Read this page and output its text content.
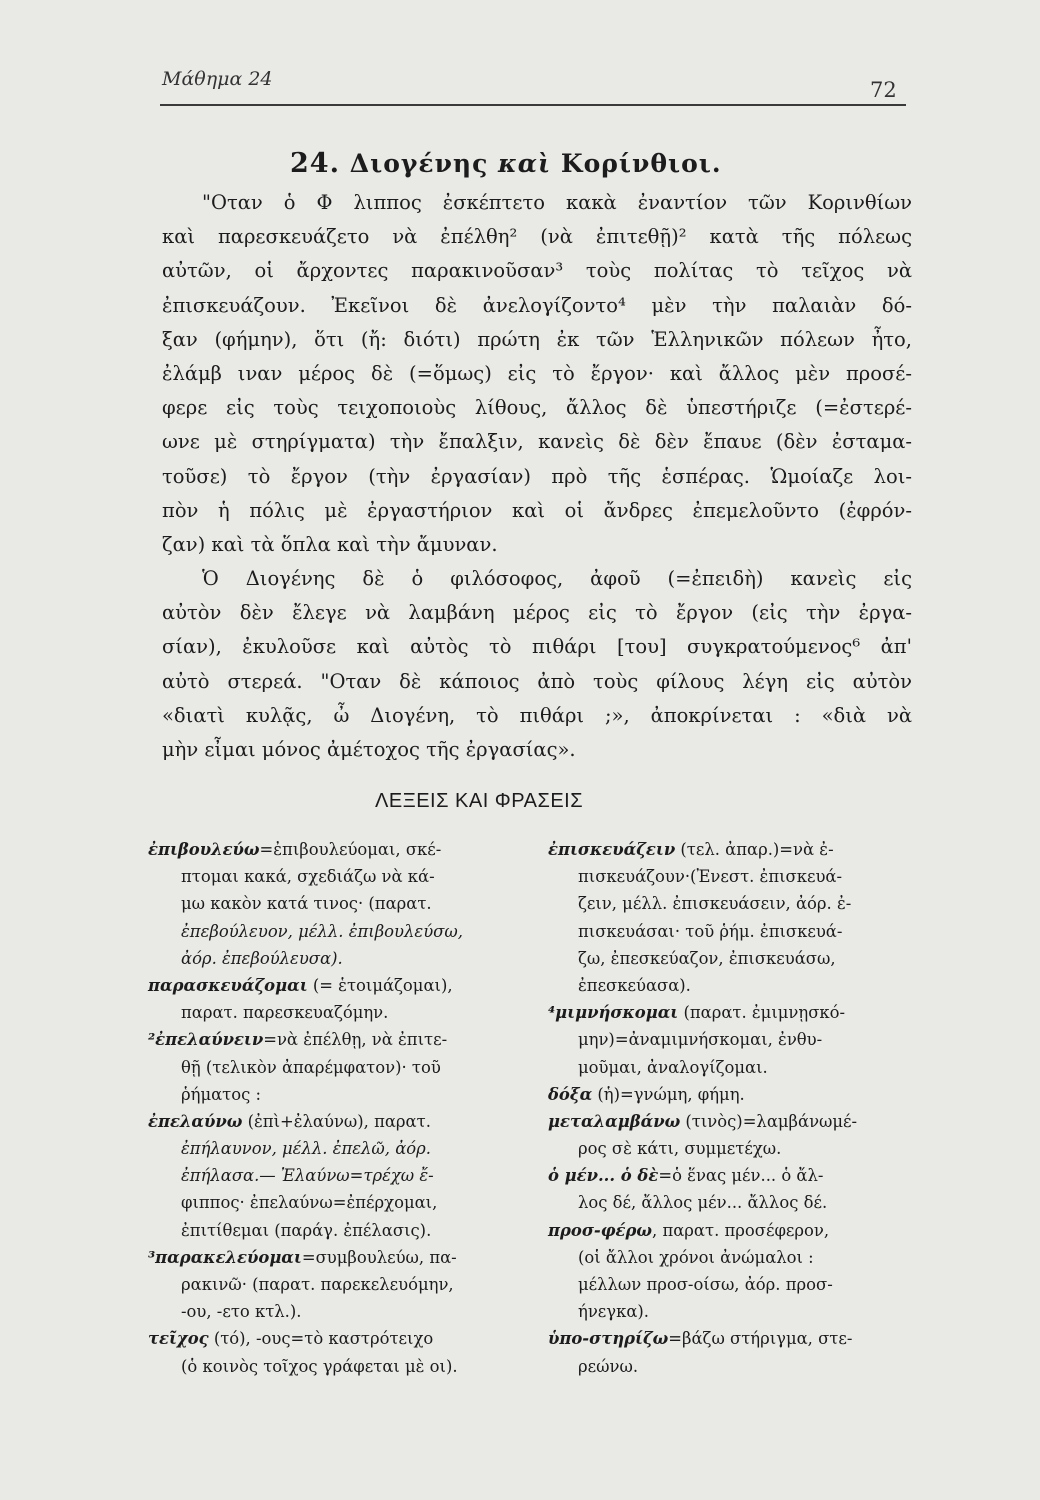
Μάθημα 24	72
24. Διογένης καὶ Κορίνθιοι.
"Οταν ὁ Φ λιππος ἐσκέπτετο κακὰ ἐναντίον τῶν Κορινθίων
καὶ παρεσκευάζετο νὰ ἐπέλθη² (νὰ ἐπιτεθῇ)² κατὰ τῆς πόλεως
αὐτῶν, οἱ ἄρχοντες παρακινοῦσαν³ τοὺς πολίτας τὸ τεῖχος νὰ
ἐπισκευάζουν. Ἐκεῖνοι δὲ ἀνελογίζοντο⁴ μὲν τὴν παλαιὰν δό-
ξαν (φήμην), ὅτι (ἤ: διότι) πρώτη ἐκ τῶν Ἑλληνικῶν πόλεων ἦτο,
ἐλάμβ ιναν μέρος δὲ (=ὅμως) εἰς τὸ ἔργον· καὶ ἄλλος μὲν προσέ-
φερε εἰς τοὺς τειχοποιοὺς λίθους, ἄλλος δὲ ὑπεστήριζε (=ἐστερέ-
ωνε μὲ στηρίγματα) τὴν ἔπαλξιν, κανεὶς δὲ δὲν ἔπαυε (δὲν ἐσταμα-
τοῦσε) τὸ ἔργον (τὴν ἐργασίαν) πρὸ τῆς ἑσπέρας. Ὡμοίαζε λοι-
πὸν ἡ πόλις μὲ ἐργαστήριον καὶ οἱ ἄνδρες ἐπεμελοῦντο (ἐφρόν-
ζαν) καὶ τὰ ὅπλα καὶ τὴν ἄμυναν.
Ὁ Διογένης δὲ ὁ φιλόσοφος, ἀφοῦ (=ἐπειδὴ) κανεὶς εἰς
αὐτὸν δὲν ἔλεγε νὰ λαμβάνη μέρος εἰς τὸ ἔργον (εἰς τὴν ἐργα-
σίαν), ἐκυλοῦσε καὶ αὐτὸς τὸ πιθάρι [του] συγκρατούμενος⁶ ἀπ'
αὐτὸ στερεά. "Οταν δὲ κάποιος ἀπὸ τοὺς φίλους λέγη εἰς αὐτὸν
«διατὶ κυλᾷς, ὦ Διογένη, τὸ πιθάρι ;», ἀποκρίνεται : «διὰ νὰ
μὴν εἶμαι μόνος ἀμέτοχος τῆς ἐργασίας».
ΛΕΞΕΙΣ ΚΑΙ ΦΡΑΣΕΙΣ
ἐπιβουλεύω=ἐπιβουλεύομαι, σκέ-
πτομαι κακά, σχεδιάζω νὰ κά-
μω κακὸν κατά τινος· (παρατ.
ἐπεβούλευον, μέλλ. ἐπιβουλεύσω,
ἀόρ. ἐπεβούλευσα).
παρασκευάζομαι (= ἑτοιμάζομαι),
παρατ. παρεσκευαζόμην.
²ἐπελαύνειν=νὰ ἐπέλθῃ, νὰ ἐπιτε-
θῇ (τελικὸν ἀπαρέμφατον)· τοῦ
ῥήματος :
ἐπελαύνω (ἐπὶ+ἐλαύνω), παρατ.
ἐπήλαυνον, μέλλ. ἐπελῶ, ἀόρ.
ἐπήλασα.— Ἐλαύνω=τρέχω ἔ-
φιππος· ἐπελαύνω=ἐπέρχομαι,
ἐπιτίθεμαι (παράγ. ἐπέλασις).
³παρακελεύομαι=συμβουλεύω, πα-
ρακινῶ· (παρατ. παρεκελευόμην,
-ου, -ετο κτλ.).
τεῖχος (τό), -ους=τὸ καστρότειχο
(ὁ κοινὸς τοῖχος γράφεται μὲ οι).
ἐπισκευάζειν (τελ. ἀπαρ.)=νὰ ἐ-
πισκευάζουν·(Ἐνεστ. ἐπισκευά-
ζειν, μέλλ. ἐπισκευάσειν, ἀόρ. ἐ-
πισκευάσαι· τοῦ ῥήμ. ἐπισκευά-
ζω, ἐπεσκεύαζον, ἐπισκευάσω,
ἐπεσκεύασα).
⁴μιμνήσκομαι (παρατ. ἐμιμνῃσκό-
μην)=ἀναμιμνήσκομαι, ἐνθυ-
μοῦμαι, ἀναλογίζομαι.
δόξα (ἡ)=γνώμη, φήμη.
μεταλαμβάνω (τινὸς)=λαμβάνωμέ-
ρος σὲ κάτι, συμμετέχω.
ὁ μέν... ὁ δὲ=ὁ ἕνας μέν... ὁ ἄλ-
λος δέ, ἄλλος μέν... ἄλλος δέ.
προσ-φέρω, παρατ. προσέφερον,
(οἱ ἄλλοι χρόνοι ἀνώμαλοι :
μέλλων προσ-οίσω, ἀόρ. προσ-
ήνεγκα).
ὑπο-στηρίζω=βάζω στήριγμα, στε-
ρεώνω.
